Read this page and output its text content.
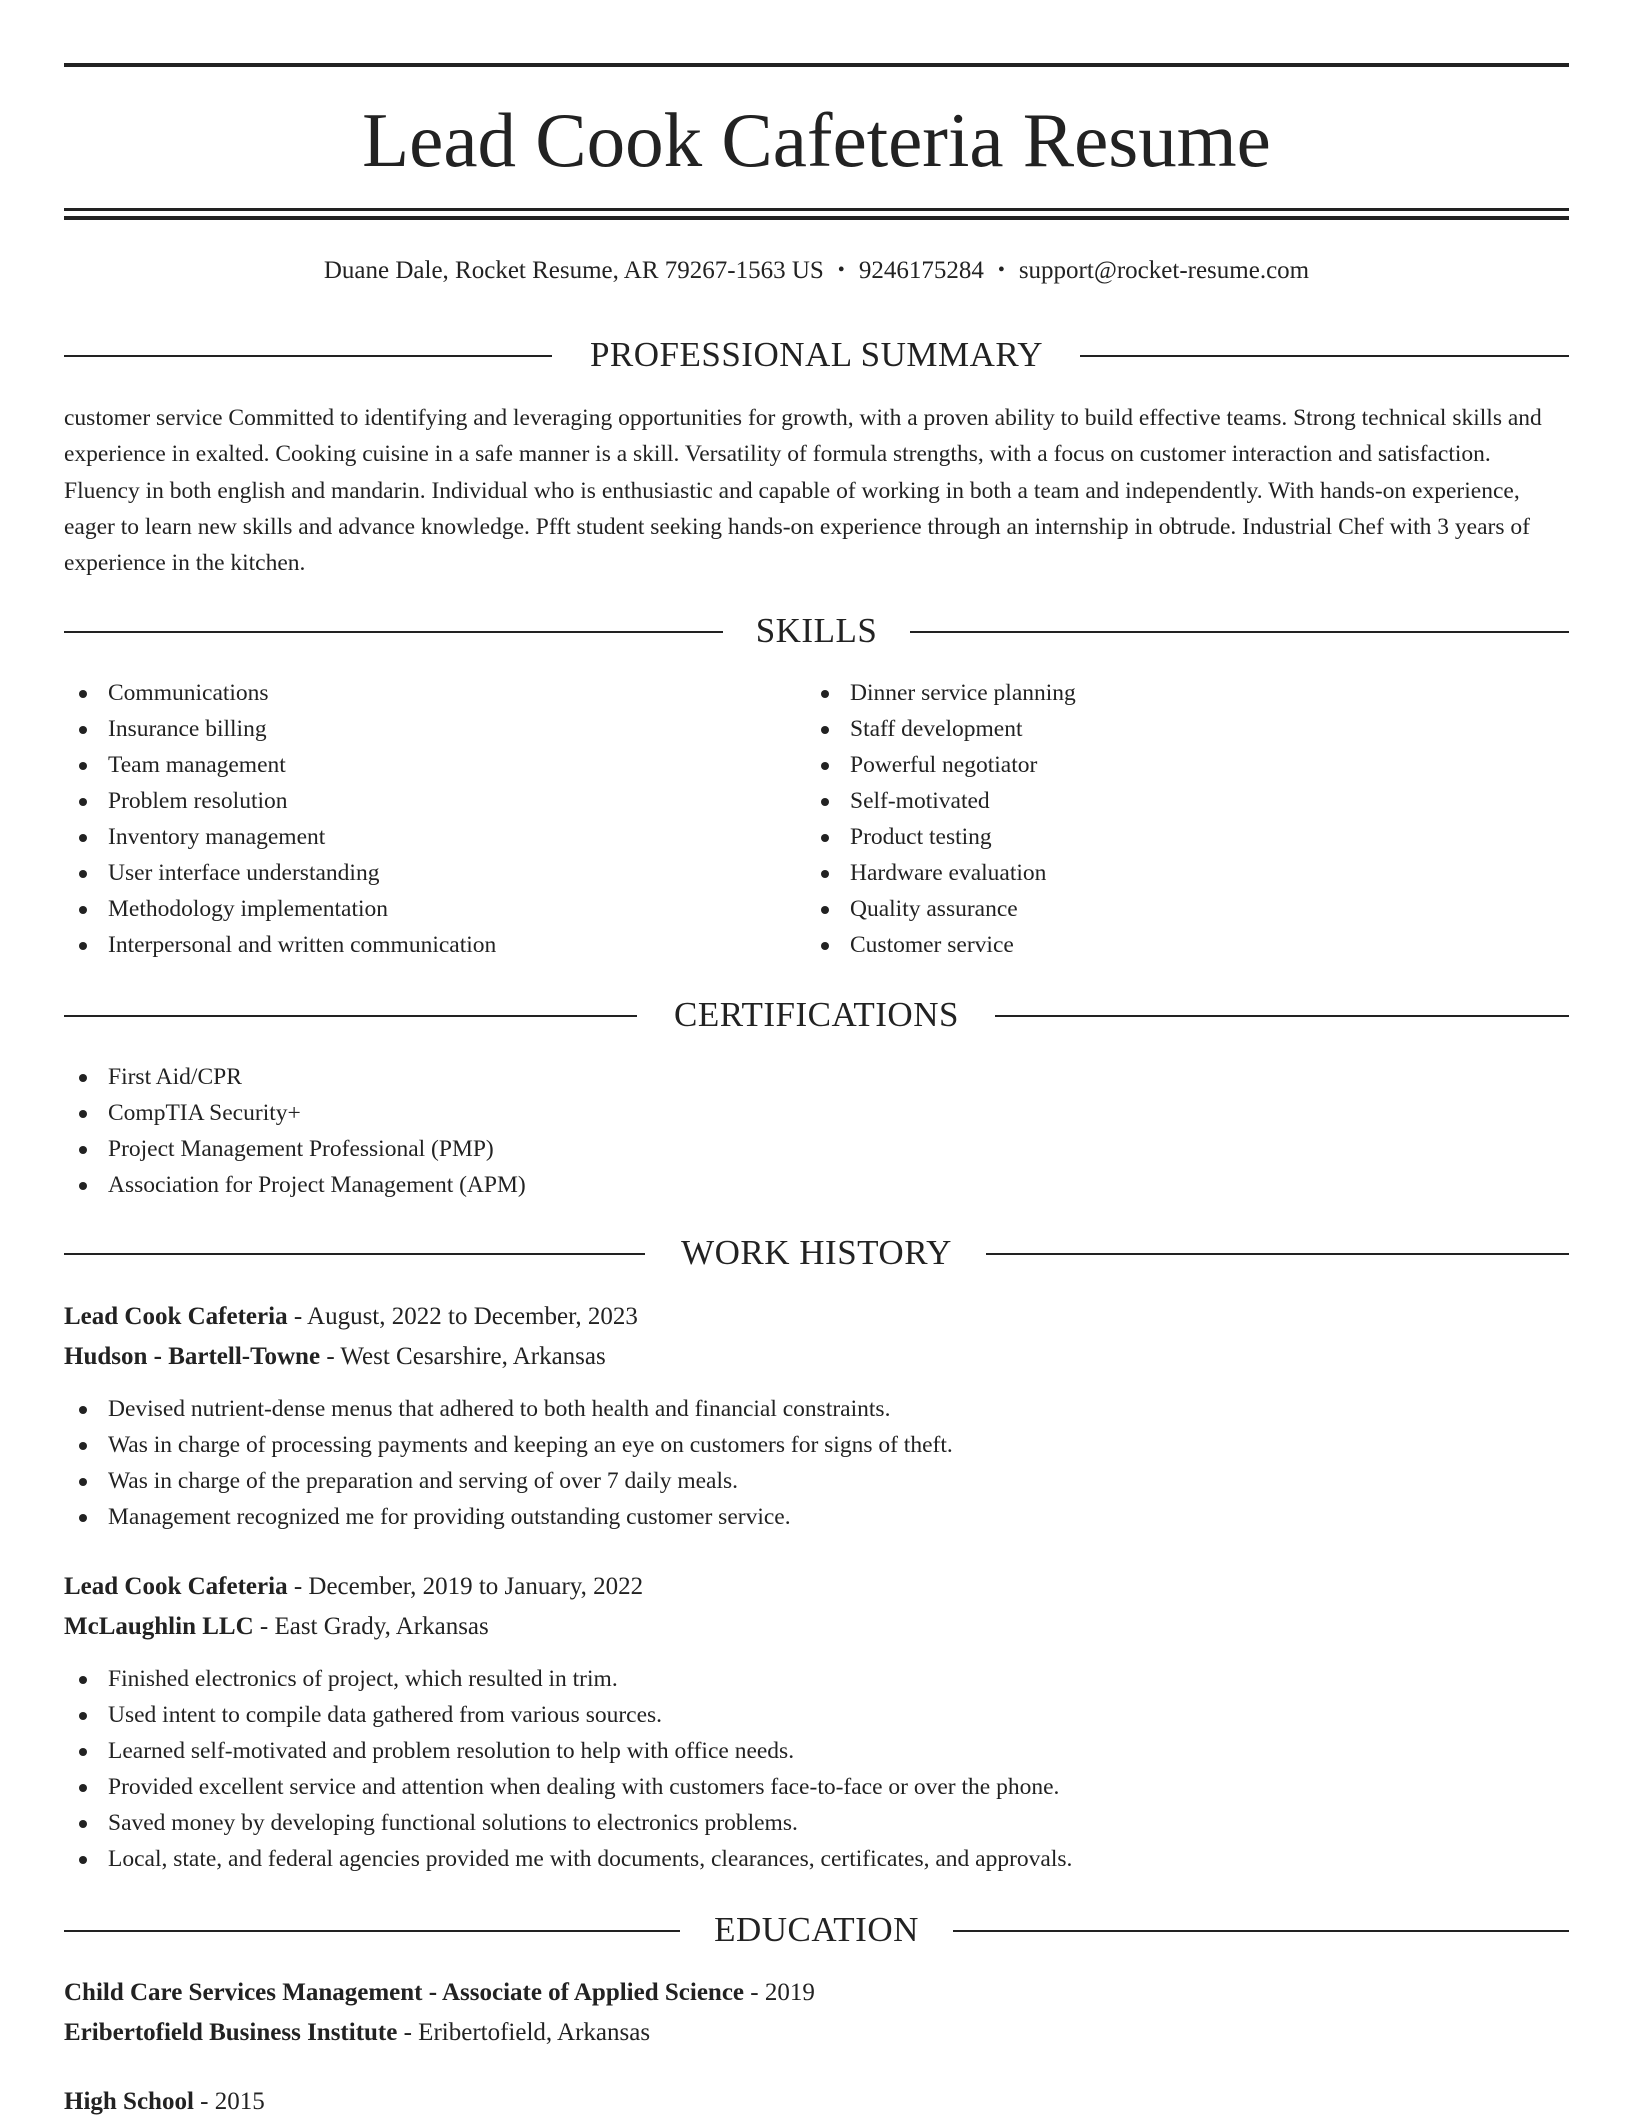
Lead Cook Cafeteria Resume
Duane Dale, Rocket Resume, AR 79267-1563 US • 9246175284 • support@rocket-resume.com
PROFESSIONAL SUMMARY

customer service Committed to identifying and leveraging opportunities for growth, with a proven ability to build effective teams. Strong technical skills and experience in exalted. Cooking cuisine in a safe manner is a skill. Versatility of formula strengths, with a focus on customer interaction and satisfaction. Fluency in both english and mandarin. Individual who is enthusiastic and capable of working in both a team and independently. With hands-on experience, eager to learn new skills and advance knowledge. Pfft student seeking hands-on experience through an internship in obtrude. Industrial Chef with 3 years of experience in the kitchen.

SKILLS
Communications
Insurance billing
Team management
Problem resolution
Inventory management
User interface understanding
Methodology implementation
Interpersonal and written communication
Dinner service planning
Staff development
Powerful negotiator
Self-motivated
Product testing
Hardware evaluation
Quality assurance
Customer service
CERTIFICATIONS
First Aid/CPR
CompTIA Security+
Project Management Professional (PMP)
Association for Project Management (APM)
WORK HISTORY
Lead Cook Cafeteria - August, 2022 to December, 2023
Hudson - Bartell-Towne - West Cesarshire, Arkansas
Devised nutrient-dense menus that adhered to both health and financial constraints.
Was in charge of processing payments and keeping an eye on customers for signs of theft.
Was in charge of the preparation and serving of over 7 daily meals.
Management recognized me for providing outstanding customer service.
Lead Cook Cafeteria - December, 2019 to January, 2022
McLaughlin LLC - East Grady, Arkansas
Finished electronics of project, which resulted in trim.
Used intent to compile data gathered from various sources.
Learned self-motivated and problem resolution to help with office needs.
Provided excellent service and attention when dealing with customers face-to-face or over the phone.
Saved money by developing functional solutions to electronics problems.
Local, state, and federal agencies provided me with documents, clearances, certificates, and approvals.
EDUCATION
Child Care Services Management - Associate of Applied Science - 2019
Eribertofield Business Institute - Eribertofield, Arkansas
High School - 2015
